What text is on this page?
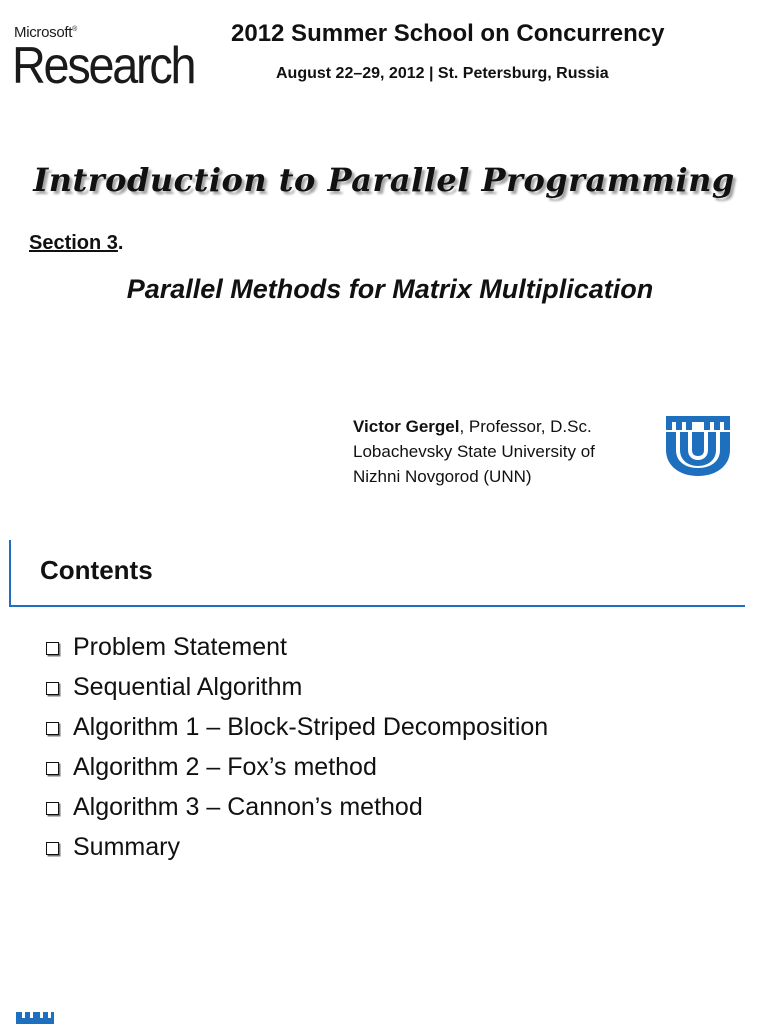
Microsoft®
Research
2012 Summer School on Concurrency
August 22–29, 2012 | St. Petersburg, Russia
Introduction to Parallel Programming
Section 3.
Parallel Methods for Matrix Multiplication
Victor Gergel, Professor, D.Sc.
Lobachevsky State University of
Nizhni Novgorod (UNN)
Contents
Problem Statement
Sequential Algorithm
Algorithm 1 – Block-Striped Decomposition
Algorithm 2 – Fox’s method
Algorithm 3 – Cannon’s method
Summary
